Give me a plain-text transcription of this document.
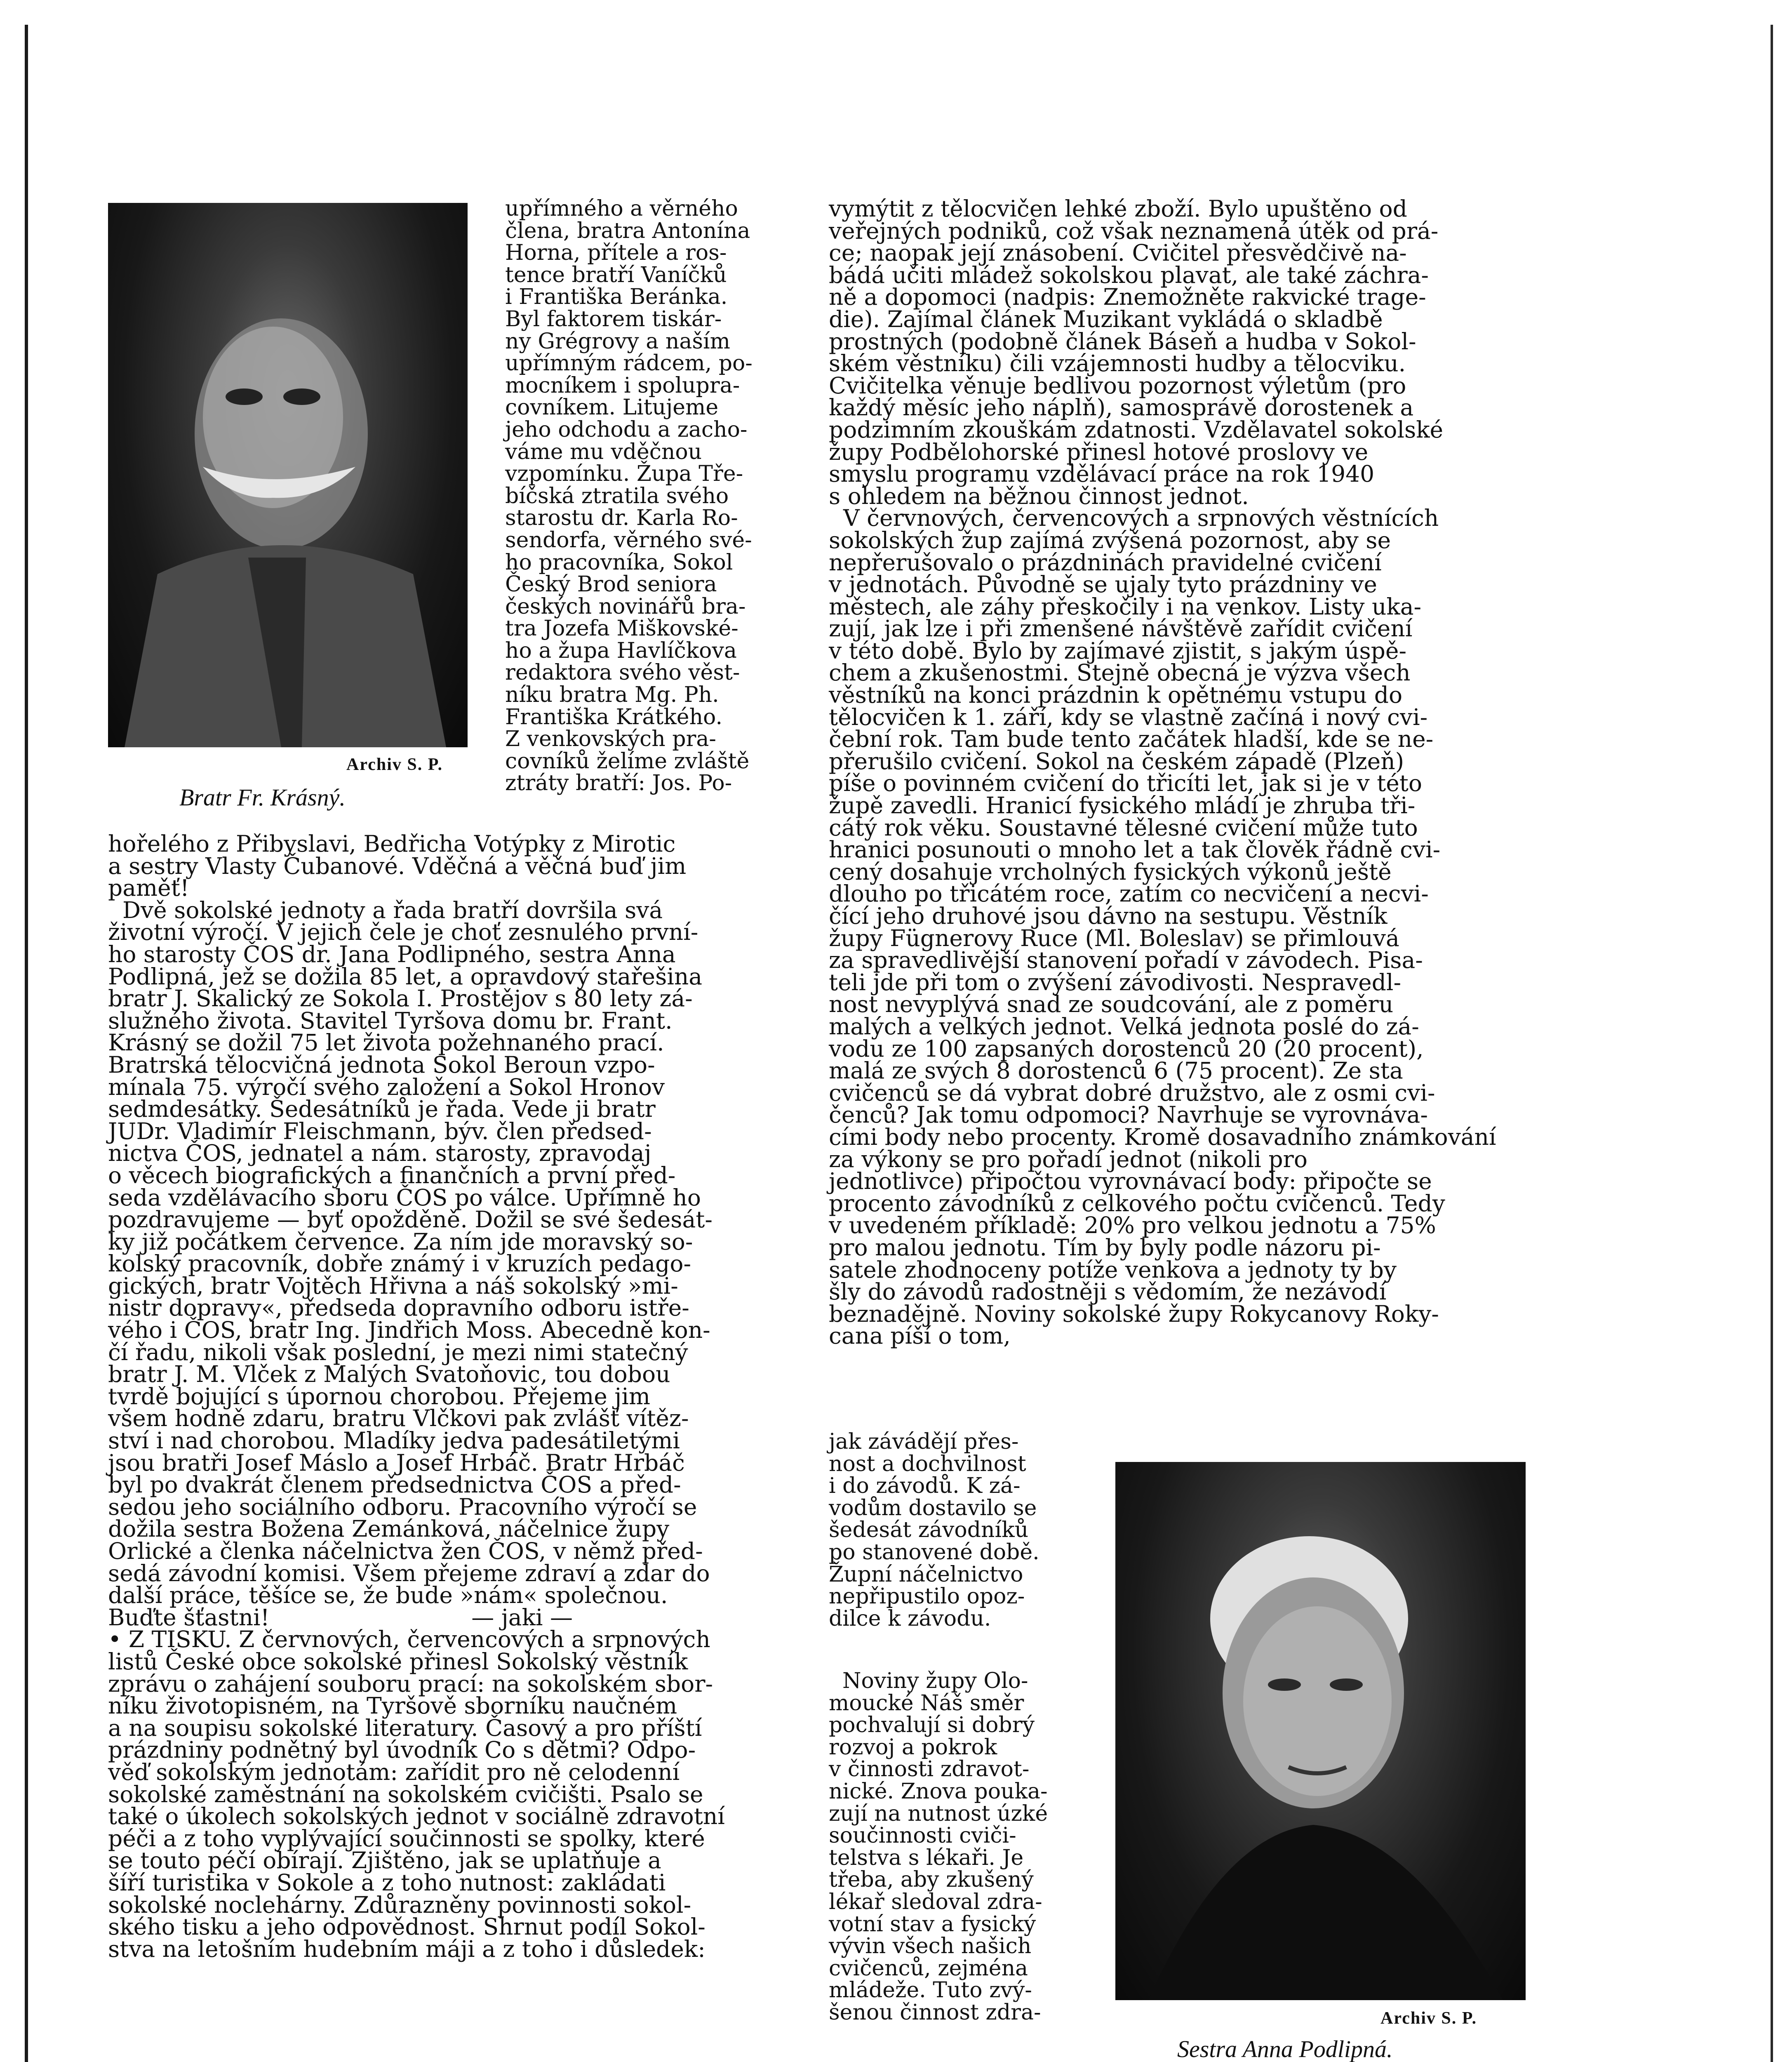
Archiv S. P.
Bratr Fr. Krásný.
upřímného a věrného
člena, bratra Antonína
Horna, přítele a ros-
tence bratří Vaníčků
i Františka Beránka.
Byl faktorem tiskár-
ny Grégrovy a naším
upřímným rádcem, po-
mocníkem i spolupra-
covníkem. Litujeme
jeho odchodu a zacho-
váme mu vděčnou
vzpomínku. Župa Tře-
bíčská ztratila svého
starostu dr. Karla Ro-
sendorfa, věrného své-
ho pracovníka, Sokol
Český Brod seniora
českých novinářů bra-
tra Jozefa Miškovské-
ho a župa Havlíčkova
redaktora svého věst-
níku bratra Mg. Ph.
Františka Krátkého.
Z venkovských pra-
covníků želíme zvláště
ztráty bratří: Jos. Po-
hořelého z Přibyslavi, Bedřicha Votýpky z Mirotic
a sestry Vlasty Čubanové. Vděčná a věčná buď jim
paměť!
Dvě sokolské jednoty a řada bratří dovršila svá
životní výročí. V jejich čele je choť zesnulého první-
ho starosty ČOS dr. Jana Podlipného, sestra Anna
Podlipná, jež se dožila 85 let, a opravdový stařešina
bratr J. Skalický ze Sokola I. Prostějov s 80 lety zá-
služného života. Stavitel Tyršova domu br. Frant.
Krásný se dožil 75 let života požehnaného prací.
Bratrská tělocvičná jednota Sokol Beroun vzpo-
mínala 75. výročí svého založení a Sokol Hronov
sedmdesátky. Šedesátníků je řada. Vede ji bratr
JUDr. Vladimír Fleischmann, býv. člen předsed-
nictva ČOS, jednatel a nám. starosty, zpravodaj
o věcech biografických a finančních a první před-
seda vzdělávacího sboru ČOS po válce. Upřímně ho
pozdravujeme — byť opožděně. Dožil se své šedesát-
ky již počátkem července. Za ním jde moravský so-
kolský pracovník, dobře známý i v kruzích pedago-
gických, bratr Vojtěch Hřivna a náš sokolský »mi-
nistr dopravy«, předseda dopravního odboru istře-
vého i ČOS, bratr Ing. Jindřich Moss. Abecedně kon-
čí řadu, nikoli však poslední, je mezi nimi statečný
bratr J. M. Vlček z Malých Svatoňovic, tou dobou
tvrdě bojující s úpornou chorobou. Přejeme jim
všem hodně zdaru, bratru Vlčkovi pak zvlášť vítěz-
ství i nad chorobou. Mladíky jedva padesátiletými
jsou bratři Josef Máslo a Josef Hrbáč. Bratr Hrbáč
byl po dvakrát členem předsednictva ČOS a před-
sedou jeho sociálního odboru. Pracovního výročí se
dožila sestra Božena Zemánková, náčelnice župy
Orlické a členka náčelnictva žen ČOS, v němž před-
sedá závodní komisi. Všem přejeme zdraví a zdar do
další práce, těšíce se, že bude »nám« společnou.
Buďte šťastni!                            — jaki —
• Z TISKU. Z červnových, červencových a srpnových
listů České obce sokolské přinesl Sokolský věstník
zprávu o zahájení souboru prací: na sokolském sbor-
níku životopisném, na Tyršově sborníku naučném
a na soupisu sokolské literatury. Časový a pro příští
prázdniny podnětný byl úvodník Co s dětmi? Odpo-
věď sokolským jednotám: zařídit pro ně celodenní
sokolské zaměstnání na sokolském cvičišti. Psalo se
také o úkolech sokolských jednot v sociálně zdravotní
péči a z toho vyplývající součinnosti se spolky, které
se touto péčí obírají. Zjištěno, jak se uplatňuje a
šíří turistika v Sokole a z toho nutnost: zakládati
sokolské noclehárny. Zdůrazněny povinnosti sokol-
ského tisku a jeho odpovědnost. Shrnut podíl Sokol-
stva na letošním hudebním máji a z toho i důsledek:
vymýtit z tělocvičen lehké zboží. Bylo upuštěno od
veřejných podniků, což však neznamená útěk od prá-
ce; naopak její znásobení. Cvičitel přesvědčivě na-
bádá učiti mládež sokolskou plavat, ale také záchra-
ně a dopomoci (nadpis: Znemožněte rakvické trage-
die). Zajímal článek Muzikant vykládá o skladbě
prostných (podobně článek Báseň a hudba v Sokol-
ském věstníku) čili vzájemnosti hudby a tělocviku.
Cvičitelka věnuje bedlivou pozornost výletům (pro
každý měsíc jeho náplň), samosprávě dorostenek a
podzimním zkouškám zdatnosti. Vzdělavatel sokolské
župy Podbělohorské přinesl hotové proslovy ve
smyslu programu vzdělávací práce na rok 1940
s ohledem na běžnou činnost jednot.
V červnových, červencových a srpnových věstnících
sokolských žup zajímá zvýšená pozornost, aby se
nepřerušovalo o prázdninách pravidelné cvičení
v jednotách. Původně se ujaly tyto prázdniny ve
městech, ale záhy přeskočily i na venkov. Listy uka-
zují, jak lze i při zmenšené návštěvě zařídit cvičení
v této době. Bylo by zajímavé zjistit, s jakým úspě-
chem a zkušenostmi. Stejně obecná je výzva všech
věstníků na konci prázdnin k opětnému vstupu do
tělocvičen k 1. září, kdy se vlastně začíná i nový cvi-
čební rok. Tam bude tento začátek hladší, kde se ne-
přerušilo cvičení. Sokol na českém západě (Plzeň)
píše o povinném cvičení do třicíti let, jak si je v této
župě zavedli. Hranicí fysického mládí je zhruba tři-
cátý rok věku. Soustavné tělesné cvičení může tuto
hranici posunouti o mnoho let a tak člověk řádně cvi-
cený dosahuje vrcholných fysických výkonů ještě
dlouho po třicátém roce, zatím co necvičení a necvi-
čící jeho druhové jsou dávno na sestupu. Věstník
župy Fügnerovy Ruce (Ml. Boleslav) se přimlouvá
za spravedlivější stanovení pořadí v závodech. Pisa-
teli jde při tom o zvýšení závodivosti. Nespravedl-
nost nevyplývá snad ze soudcování, ale z poměru
malých a velkých jednot. Velká jednota poslé do zá-
vodu ze 100 zapsaných dorostenců 20 (20 procent),
malá ze svých 8 dorostenců 6 (75 procent). Ze sta
cvičenců se dá vybrat dobré družstvo, ale z osmi cvi-
čenců? Jak tomu odpomoci? Navrhuje se vyrovnáva-
cími body nebo procenty. Kromě dosavadního známkování
za výkony se pro pořadí jednot (nikoli pro
jednotlivce) připočtou vyrovnávací body: připočte se
procento závodníků z celkového počtu cvičenců. Tedy
v uvedeném příkladě: 20% pro velkou jednotu a 75%
pro malou jednotu. Tím by byly podle názoru pi-
satele zhodnoceny potíže venkova a jednoty ty by
šly do závodů radostněji s vědomím, že nezávodí
beznadějně. Noviny sokolské župy Rokycanovy Roky-
cana píší o tom,
jak závádějí přes-
nost a dochvilnost
i do závodů. K zá-
vodům dostavilo se
šedesát závodníků
po stanovené době.
Župní náčelnictvo
nepřipustilo opoz-
dilce k závodu.
Noviny župy Olo-
moucké Náš směr
pochvalují si dobrý
rozvoj a pokrok
v činnosti zdravot-
nické. Znova pouka-
zují na nutnost úzké
součinnosti cviči-
telstva s lékaři. Je
třeba, aby zkušený
lékař sledoval zdra-
votní stav a fysický
vývin všech našich
cvičenců, zejména
mládeže. Tuto zvý-
šenou činnost zdra-	Archiv S. P.
Sestra Anna Podlipná.
